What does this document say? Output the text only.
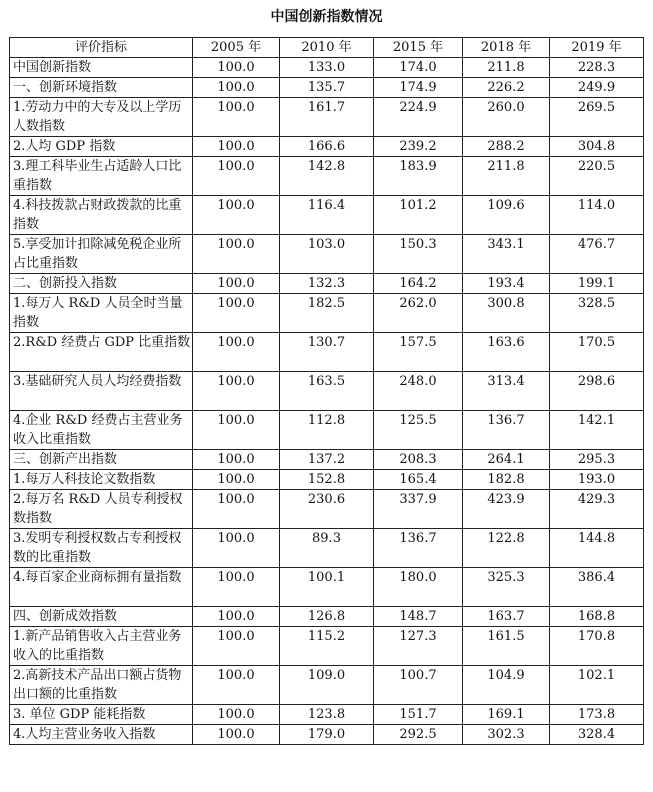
中国创新指数情况
评价指标	2005 年	2010 年	2015 年	2018 年	2019 年
中国创新指数	100.0	133.0	174.0	211.8	228.3
一、创新环境指数	100.0	135.7	174.9	226.2	249.9
1.劳动力中的大专及以上学历人数指数	100.0	161.7	224.9	260.0	269.5
2.人均 GDP 指数	100.0	166.6	239.2	288.2	304.8
3.理工科毕业生占适龄人口比重指数	100.0	142.8	183.9	211.8	220.5
4.科技拨款占财政拨款的比重指数	100.0	116.4	101.2	109.6	114.0
5.享受加计扣除减免税企业所占比重指数	100.0	103.0	150.3	343.1	476.7
二、创新投入指数	100.0	132.3	164.2	193.4	199.1
1.每万人 R&D 人员全时当量指数	100.0	182.5	262.0	300.8	328.5
2.R&D 经费占 GDP 比重指数	100.0	130.7	157.5	163.6	170.5
3.基础研究人员人均经费指数	100.0	163.5	248.0	313.4	298.6
4.企业 R&D 经费占主营业务收入比重指数	100.0	112.8	125.5	136.7	142.1
三、创新产出指数	100.0	137.2	208.3	264.1	295.3
1.每万人科技论文数指数	100.0	152.8	165.4	182.8	193.0
2.每万名 R&D 人员专利授权数指数	100.0	230.6	337.9	423.9	429.3
3.发明专利授权数占专利授权数的比重指数	100.0	89.3	136.7	122.8	144.8
4.每百家企业商标拥有量指数	100.0	100.1	180.0	325.3	386.4
四、创新成效指数	100.0	126.8	148.7	163.7	168.8
1.新产品销售收入占主营业务收入的比重指数	100.0	115.2	127.3	161.5	170.8
2.高新技术产品出口额占货物出口额的比重指数	100.0	109.0	100.7	104.9	102.1
3. 单位 GDP 能耗指数	100.0	123.8	151.7	169.1	173.8
4.人均主营业务收入指数	100.0	179.0	292.5	302.3	328.4
